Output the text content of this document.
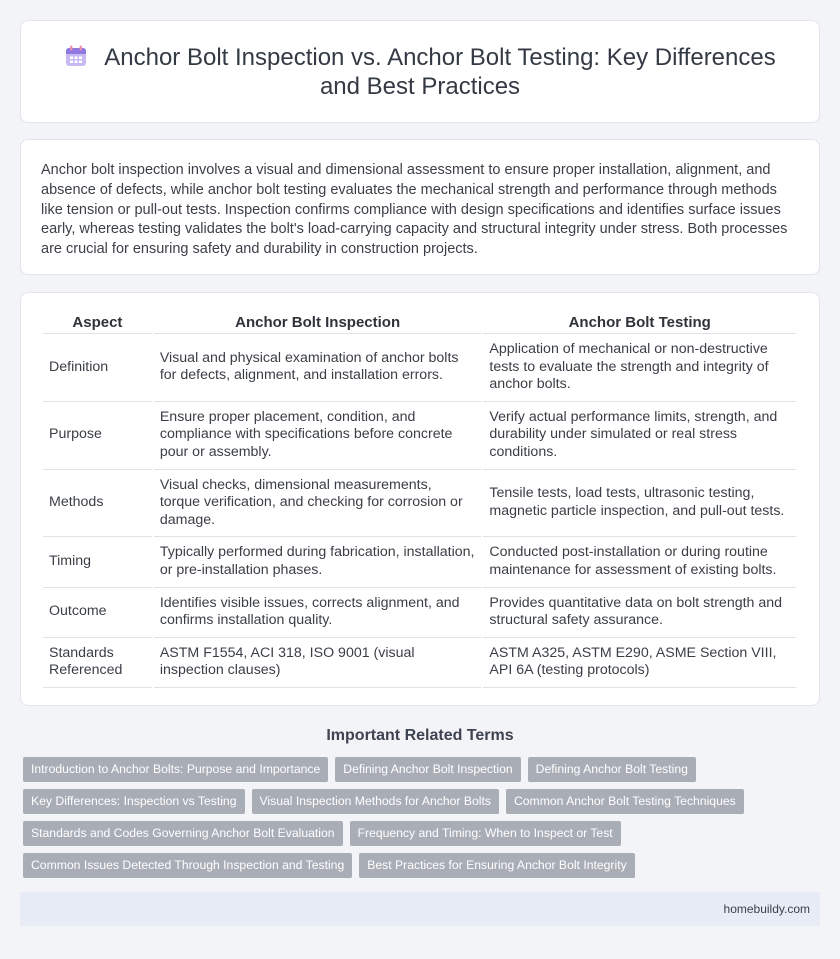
Anchor Bolt Inspection vs. Anchor Bolt Testing: Key Differences and Best Practices

Anchor bolt inspection involves a visual and dimensional assessment to ensure proper installation, alignment, and absence of defects, while anchor bolt testing evaluates the mechanical strength and performance through methods like tension or pull-out tests. Inspection confirms compliance with design specifications and identifies surface issues early, whereas testing validates the bolt's load-carrying capacity and structural integrity under stress. Both processes are crucial for ensuring safety and durability in construction projects.

Aspect	Anchor Bolt Inspection	Anchor Bolt Testing
Definition	Visual and physical examination of anchor bolts for defects, alignment, and installation errors.	Application of mechanical or non-destructive tests to evaluate the strength and integrity of anchor bolts.
Purpose	Ensure proper placement, condition, and compliance with specifications before concrete pour or assembly.	Verify actual performance limits, strength, and durability under simulated or real stress conditions.
Methods	Visual checks, dimensional measurements, torque verification, and checking for corrosion or damage.	Tensile tests, load tests, ultrasonic testing, magnetic particle inspection, and pull-out tests.
Timing	Typically performed during fabrication, installation, or pre-installation phases.	Conducted post-installation or during routine maintenance for assessment of existing bolts.
Outcome	Identifies visible issues, corrects alignment, and confirms installation quality.	Provides quantitative data on bolt strength and structural safety assurance.
Standards Referenced	ASTM F1554, ACI 318, ISO 9001 (visual inspection clauses)	ASTM A325, ASTM E290, ASME Section VIII, API 6A (testing protocols)
Important Related Terms
Introduction to Anchor Bolts: Purpose and Importance	Defining Anchor Bolt Inspection	Defining Anchor Bolt Testing
Key Differences: Inspection vs Testing	Visual Inspection Methods for Anchor Bolts	Common Anchor Bolt Testing Techniques
Standards and Codes Governing Anchor Bolt Evaluation	Frequency and Timing: When to Inspect or Test
Common Issues Detected Through Inspection and Testing	Best Practices for Ensuring Anchor Bolt Integrity
homebuildy.com
